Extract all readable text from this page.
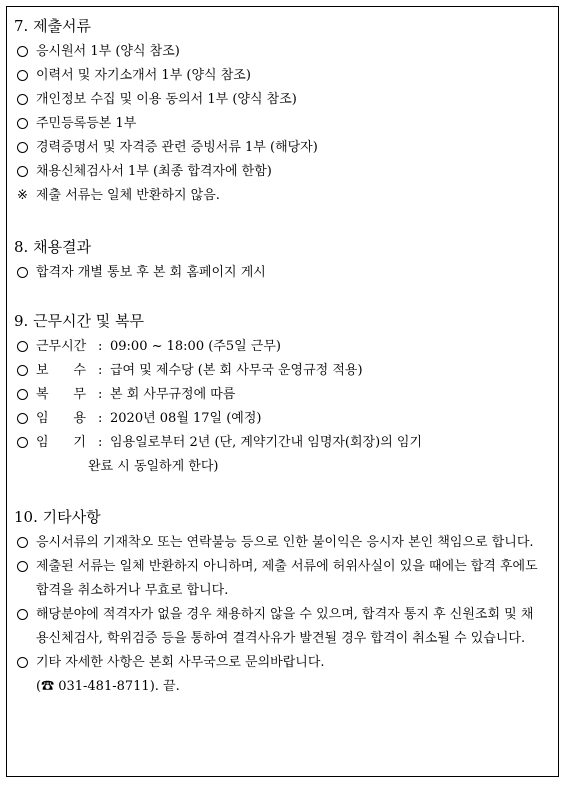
7. 제출서류
응시원서 1부 (양식 참조)
이력서 및 자기소개서 1부 (양식 참조)
개인정보 수집 및 이용 동의서 1부 (양식 참조)
주민등록등본 1부
경력증명서 및 자격증 관련 증빙서류 1부 (해당자)
채용신체검사서 1부 (최종 합격자에 한함)
※ 제출 서류는 일체 반환하지 않음.
8. 채용결과
합격자 개별 통보 후 본 회 홈페이지 게시
9. 근무시간 및 복무
근무시간 : 09:00 ~ 18:00 (주5일 근무)
보      수 : 급여 및 제수당 (본 회 사무국 운영규정 적용)
복      무 : 본 회 사무규정에 따름
임      용 : 2020년 08월 17일 (예정)
임      기 : 임용일로부터 2년 (단, 계약기간내 임명자(회장)의 임기
완료 시 동일하게 한다)
10. 기타사항
응시서류의 기재착오 또는 연락불능 등으로 인한 불이익은 응시자 본인 책임으로 합니다.
제출된 서류는 일체 반환하지 아니하며, 제출 서류에 허위사실이 있을 때에는 합격 후에도 합격을 취소하거나 무효로 합니다.
해당분야에 적격자가 없을 경우 채용하지 않을 수 있으며, 합격자 통지 후 신원조회 및 채용신체검사, 학위검증 등을 통하여 결격사유가 발견될 경우 합격이 취소될 수 있습니다.
기타 자세한 사항은 본회 사무국으로 문의바랍니다.
(☎ 031-481-8711). 끝.
